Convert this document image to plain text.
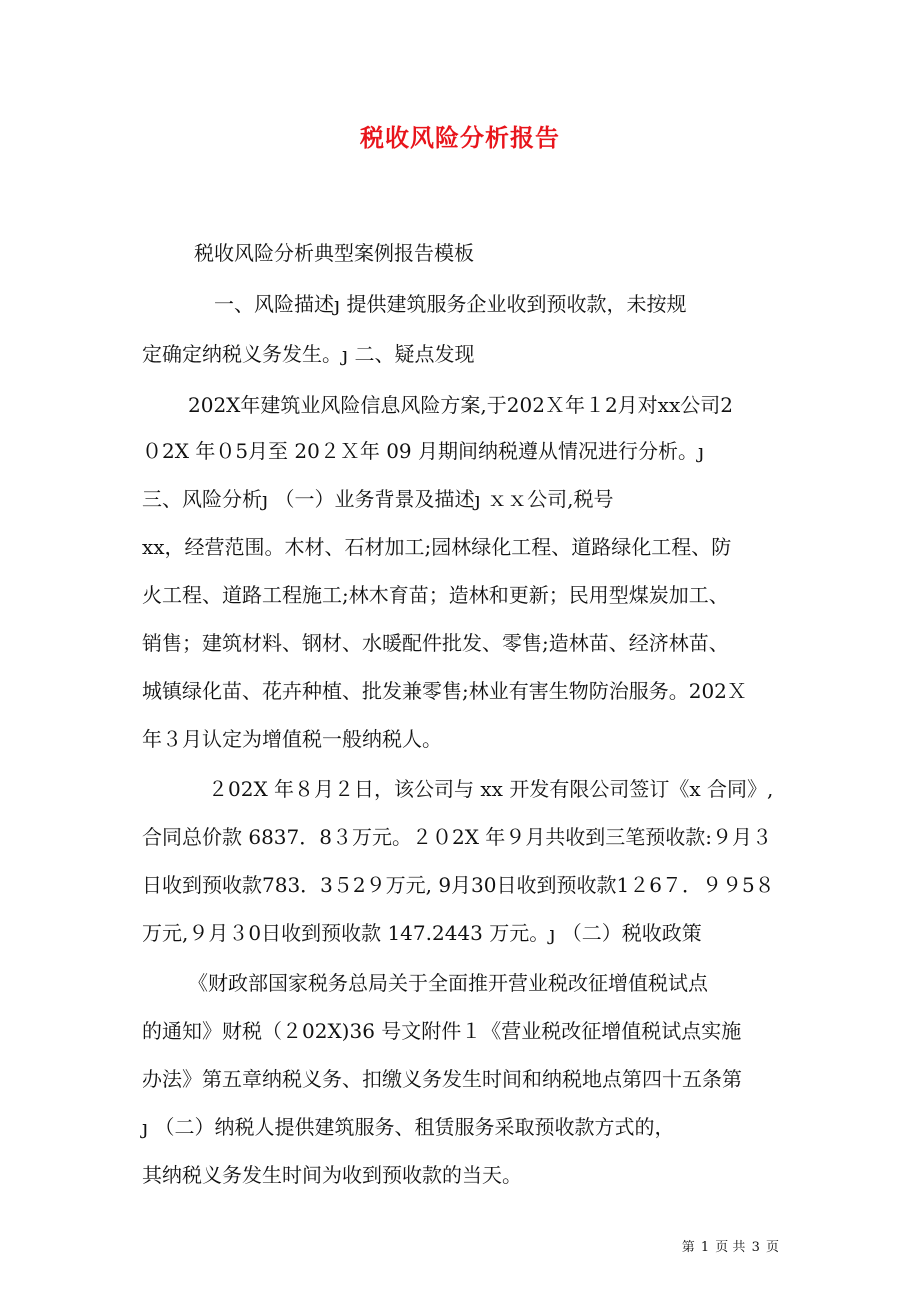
税收风险分析报告
税收风险分析典型案例报告模板
一、风险描述ȷ 提供建筑服务企业收到预收款，未按规
定确定纳税义务发生。ȷ 二、疑点发现
202X年建筑业风险信息风险方案,于202Ｘ年１2月对xx公司2
０2X 年０5月至 20２Ｘ年 09 月期间纳税遵从情况进行分析。ȷ
三、风险分析ȷ （一）业务背景及描述ȷ ｘｘ公司,税号
xx，经营范围。木材、石材加工;园林绿化工程、道路绿化工程、防
火工程、道路工程施工;林木育苗；造林和更新；民用型煤炭加工、
销售；建筑材料、钢材、水暖配件批发、零售;造林苗、经济林苗、
城镇绿化苗、花卉种植、批发兼零售;林业有害生物防治服务。202Ｘ
年３月认定为增值税一般纳税人。
２02X 年８月２日，该公司与 xx 开发有限公司签订《x 合同》,
合同总价款 6837．8３万元。２０2X 年９月共收到三笔预收款:９月３
日收到预收款783．3５2９万元, 9月30日收到预收款1２6７．９９5８
万元,９月３0日收到预收款 147.2443 万元。ȷ （二）税收政策
《财政部国家税务总局关于全面推开营业税改征增值税试点
的通知》财税（２02X)36 号文附件１《营业税改征增值税试点实施
办法》第五章纳税义务、扣缴义务发生时间和纳税地点第四十五条第
ȷ （二）纳税人提供建筑服务、租赁服务采取预收款方式的，
其纳税义务发生时间为收到预收款的当天。
第 1 页 共 3 页
